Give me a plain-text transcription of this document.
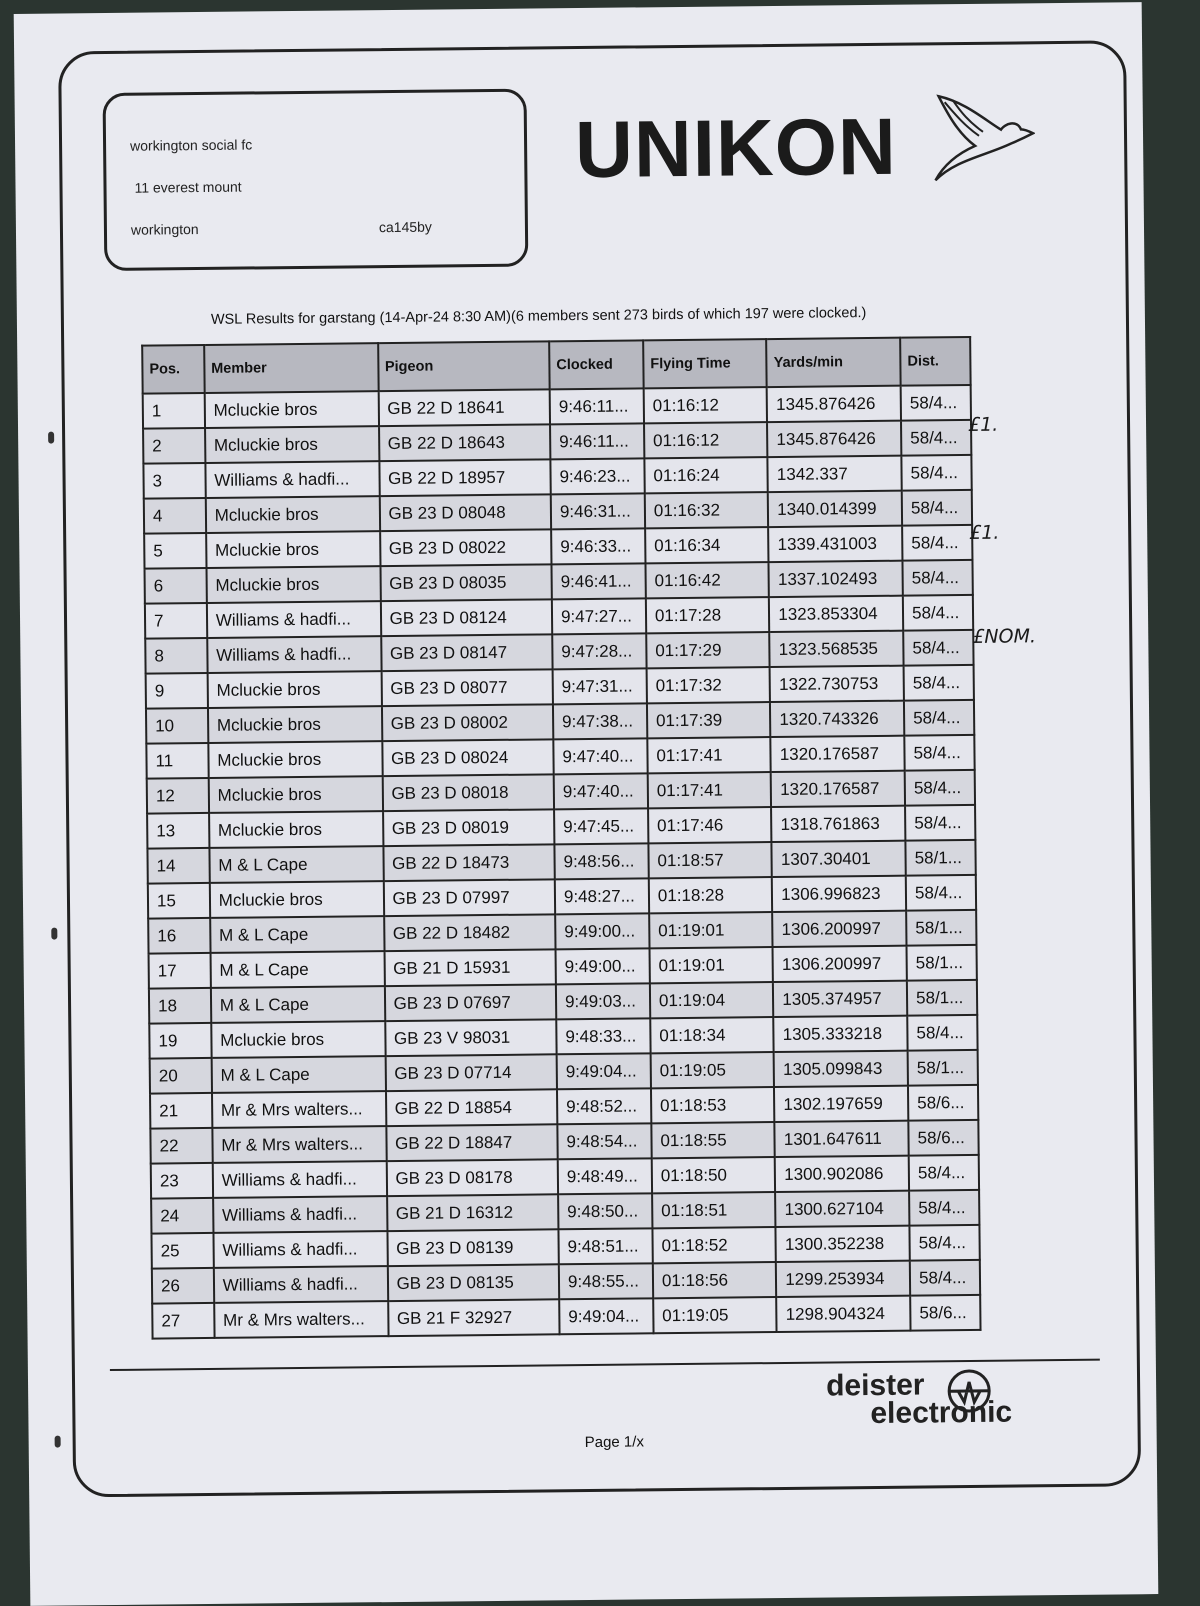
workington social fc
11 everest mount
workington	ca145by
UNIKON
WSL Results for garstang (14-Apr-24 8:30 AM)(6 members sent 273 birds of which 197 were clocked.)
Pos.	Member	Pigeon	Clocked	Flying Time	Yards/min	Dist.
1	Mcluckie bros	GB 22 D 18641	9:46:11...	01:16:12	1345.876426	58/4...
2	Mcluckie bros	GB 22 D 18643	9:46:11...	01:16:12	1345.876426	58/4...
3	Williams & hadfi...	GB 22 D 18957	9:46:23...	01:16:24	1342.337	58/4...
4	Mcluckie bros	GB 23 D 08048	9:46:31...	01:16:32	1340.014399	58/4...
5	Mcluckie bros	GB 23 D 08022	9:46:33...	01:16:34	1339.431003	58/4...
6	Mcluckie bros	GB 23 D 08035	9:46:41...	01:16:42	1337.102493	58/4...
7	Williams & hadfi...	GB 23 D 08124	9:47:27...	01:17:28	1323.853304	58/4...
8	Williams & hadfi...	GB 23 D 08147	9:47:28...	01:17:29	1323.568535	58/4...
9	Mcluckie bros	GB 23 D 08077	9:47:31...	01:17:32	1322.730753	58/4...
10	Mcluckie bros	GB 23 D 08002	9:47:38...	01:17:39	1320.743326	58/4...
11	Mcluckie bros	GB 23 D 08024	9:47:40...	01:17:41	1320.176587	58/4...
12	Mcluckie bros	GB 23 D 08018	9:47:40...	01:17:41	1320.176587	58/4...
13	Mcluckie bros	GB 23 D 08019	9:47:45...	01:17:46	1318.761863	58/4...
14	M & L Cape	GB 22 D 18473	9:48:56...	01:18:57	1307.30401	58/1...
15	Mcluckie bros	GB 23 D 07997	9:48:27...	01:18:28	1306.996823	58/4...
16	M & L Cape	GB 22 D 18482	9:49:00...	01:19:01	1306.200997	58/1...
17	M & L Cape	GB 21 D 15931	9:49:00...	01:19:01	1306.200997	58/1...
18	M & L Cape	GB 23 D 07697	9:49:03...	01:19:04	1305.374957	58/1...
19	Mcluckie bros	GB 23 V 98031	9:48:33...	01:18:34	1305.333218	58/4...
20	M & L Cape	GB 23 D 07714	9:49:04...	01:19:05	1305.099843	58/1...
21	Mr & Mrs walters...	GB 22 D 18854	9:48:52...	01:18:53	1302.197659	58/6...
22	Mr & Mrs walters...	GB 22 D 18847	9:48:54...	01:18:55	1301.647611	58/6...
23	Williams & hadfi...	GB 23 D 08178	9:48:49...	01:18:50	1300.902086	58/4...
24	Williams & hadfi...	GB 21 D 16312	9:48:50...	01:18:51	1300.627104	58/4...
25	Williams & hadfi...	GB 23 D 08139	9:48:51...	01:18:52	1300.352238	58/4...
26	Williams & hadfi...	GB 23 D 08135	9:48:55...	01:18:56	1299.253934	58/4...
27	Mr & Mrs walters...	GB 21 F 32927	9:49:04...	01:19:05	1298.904324	58/6...
£1.
£1.
£NOM.
deister
electronic
Page 1/x
